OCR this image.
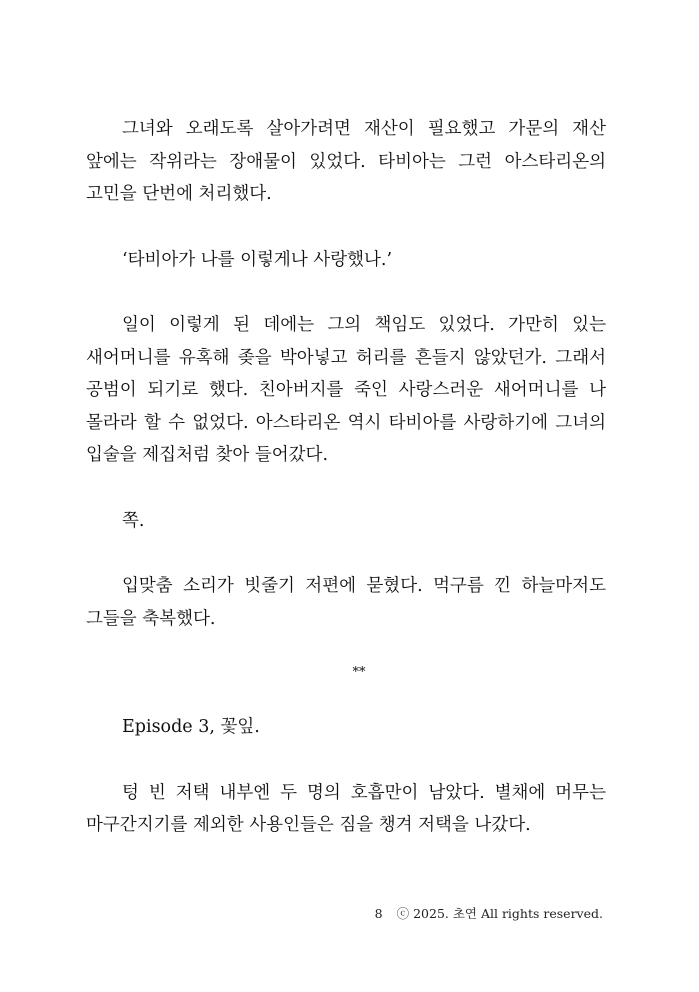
그녀와 오래도록 살아가려면 재산이 필요했고 가문의 재산 앞에는 작위라는 장애물이 있었다. 타비아는 그런 아스타리온의 고민을 단번에 처리했다.

‘타비아가 나를 이렇게나 사랑했나.’

일이 이렇게 된 데에는 그의 책임도 있었다. 가만히 있는 새어머니를 유혹해 좆을 박아넣고 허리를 흔들지 않았던가. 그래서 공범이 되기로 했다. 친아버지를 죽인 사랑스러운 새어머니를 나 몰라라 할 수 없었다. 아스타리온 역시 타비아를 사랑하기에 그녀의 입술을 제집처럼 찾아 들어갔다.

쪽.

입맞춤 소리가 빗줄기 저편에 묻혔다. 먹구름 낀 하늘마저도 그들을 축복했다.

**

Episode 3, 꽃잎.

텅 빈 저택 내부엔 두 명의 호흡만이 남았다. 별채에 머무는 마구간지기를 제외한 사용인들은 짐을 챙겨 저택을 나갔다.

8 ⓒ 2025. 초연 All rights reserved.
